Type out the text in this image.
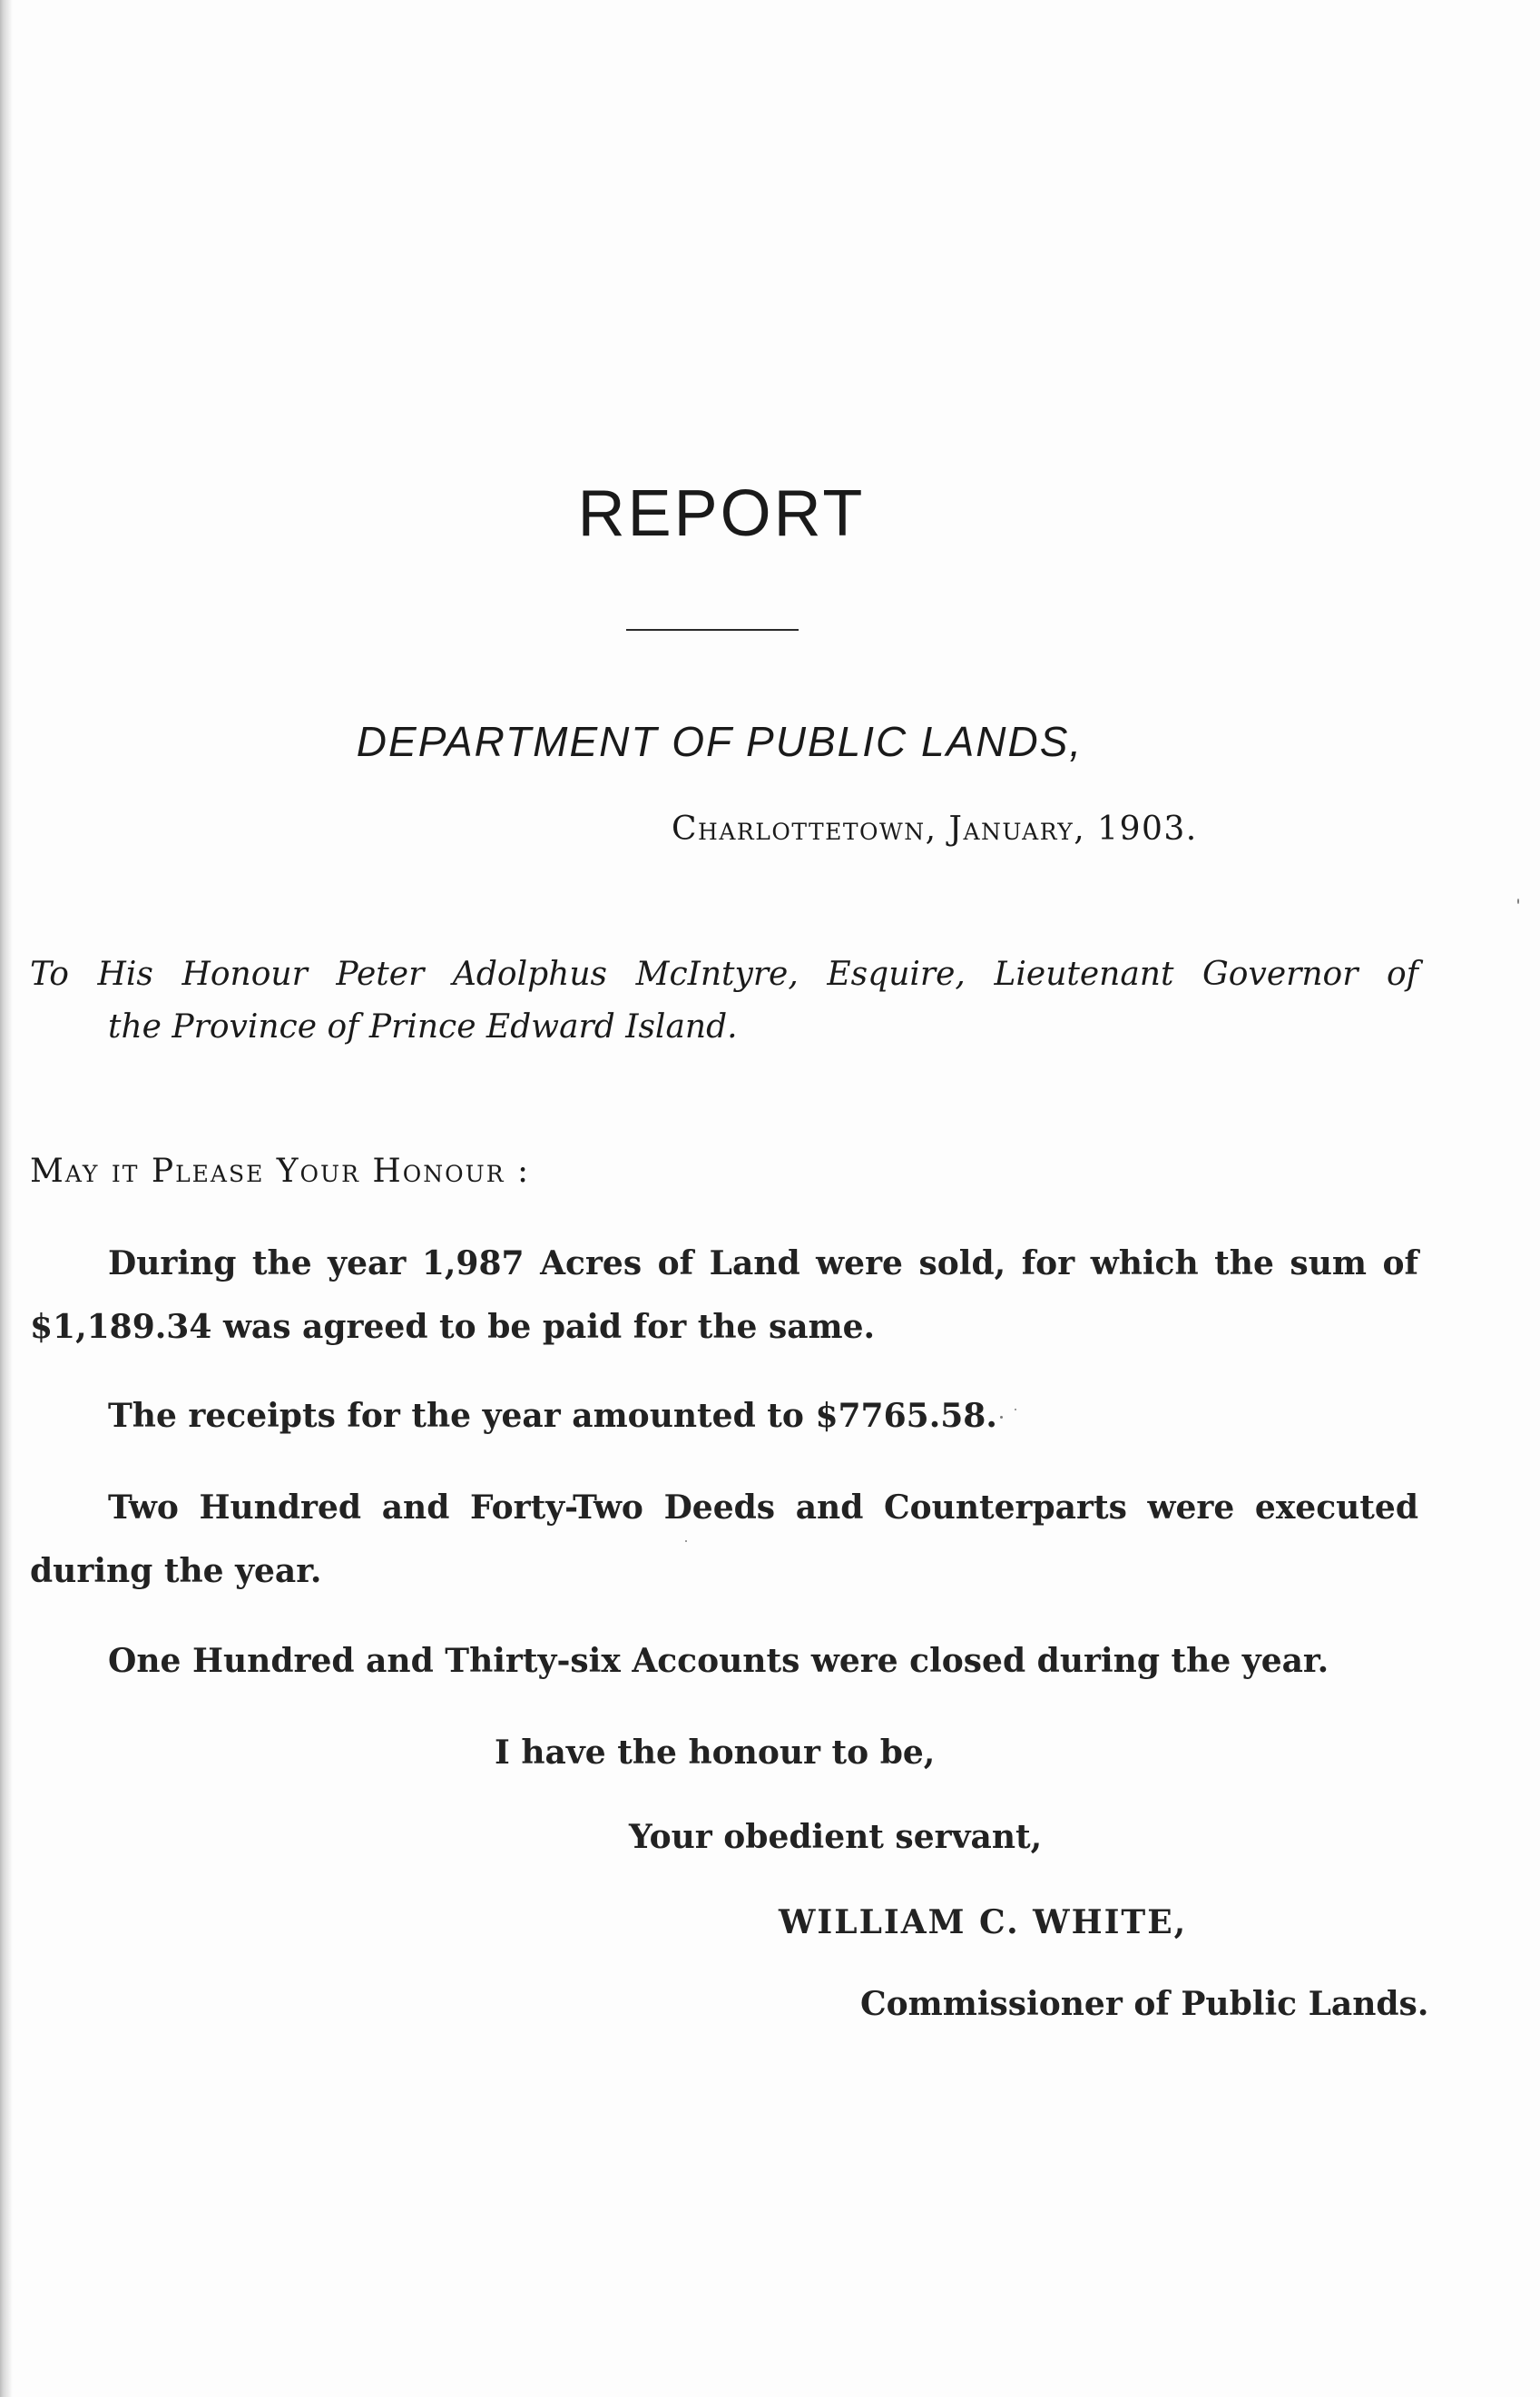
REPORT
DEPARTMENT OF PUBLIC LANDS,
Charlottetown, January, 1903.
To His Honour Peter Adolphus McIntyre, Esquire, Lieutenant Governor of
the Province of Prince Edward Island.
May it Please Your Honour :
During the year 1,987 Acres of Land were sold, for which the sum of
$1,189.34 was agreed to be paid for the same.
The receipts for the year amounted to $7765.58.
Two Hundred and Forty-Two Deeds and Counterparts were executed
during the year.
One Hundred and Thirty-six Accounts were closed during the year.
I have the honour to be,
Your obedient servant,
WILLIAM C. WHITE,
Commissioner of Public Lands.
